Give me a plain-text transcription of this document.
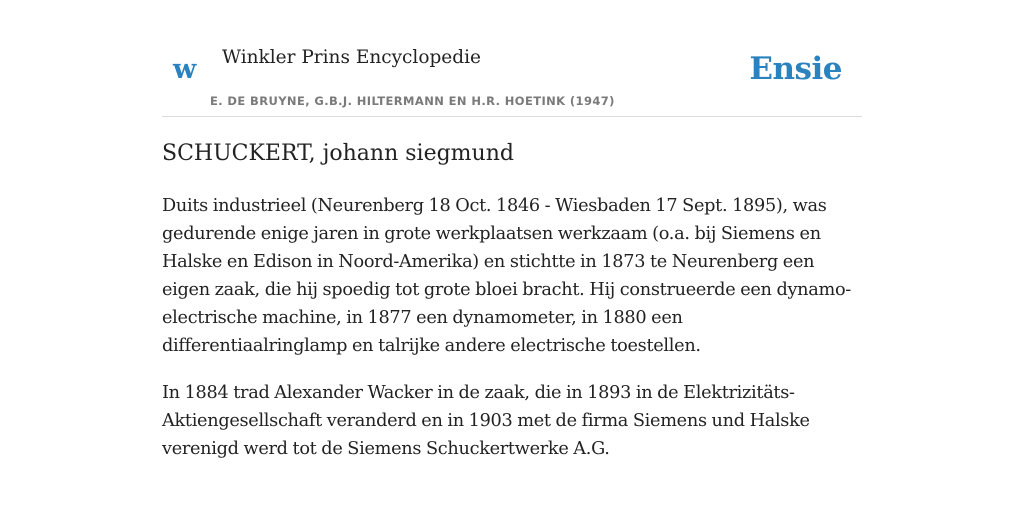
w Winkler Prins Encyclopedie
E. DE BRUYNE, G.B.J. HILTERMANN EN H.R. HOETINK (1947)
Ensie
SCHUCKERT, johann siegmund

Duits industrieel (Neurenberg 18 Oct. 1846 - Wiesbaden 17 Sept. 1895), was gedurende enige jaren in grote werkplaatsen werkzaam (o.a. bij Siemens en Halske en Edison in Noord-Amerika) en stichtte in 1873 te Neurenberg een eigen zaak, die hij spoedig tot grote bloei bracht. Hij construeerde een dynamo-electrische machine, in 1877 een dynamometer, in 1880 een differentiaalringlamp en talrijke andere electrische toestellen.

In 1884 trad Alexander Wacker in de zaak, die in 1893 in de Elektrizitäts-Aktiengesellschaft veranderd en in 1903 met de firma Siemens und Halske verenigd werd tot de Siemens Schuckertwerke A.G.
